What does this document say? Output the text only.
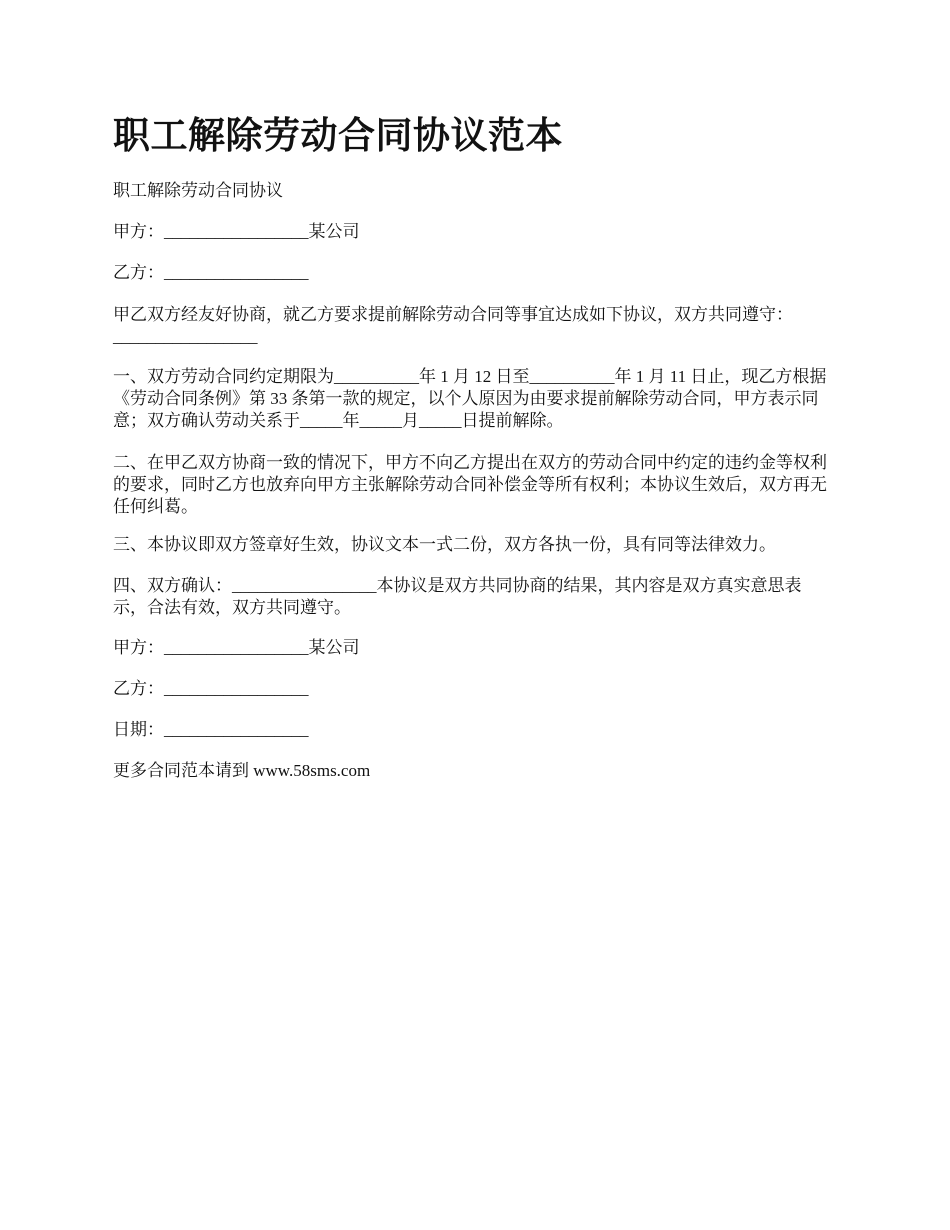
职工解除劳动合同协议范本

职工解除劳动合同协议

甲方：_________________某公司

乙方：_________________

甲乙双方经友好协商，就乙方要求提前解除劳动合同等事宜达成如下协议，双方共同遵守：_________________

一、双方劳动合同约定期限为__________年 1 月 12 日至__________年 1 月 11 日止，现乙方根据《劳动合同条例》第 33 条第一款的规定，以个人原因为由要求提前解除劳动合同，甲方表示同意；双方确认劳动关系于_____年_____月_____日提前解除。

二、在甲乙双方协商一致的情况下，甲方不向乙方提出在双方的劳动合同中约定的违约金等权利的要求，同时乙方也放弃向甲方主张解除劳动合同补偿金等所有权利；本协议生效后，双方再无任何纠葛。

三、本协议即双方签章好生效，协议文本一式二份，双方各执一份，具有同等法律效力。

四、双方确认：_________________本协议是双方共同协商的结果，其内容是双方真实意思表示，合法有效，双方共同遵守。

甲方：_________________某公司

乙方：_________________

日期：_________________

更多合同范本请到 www.58sms.com
